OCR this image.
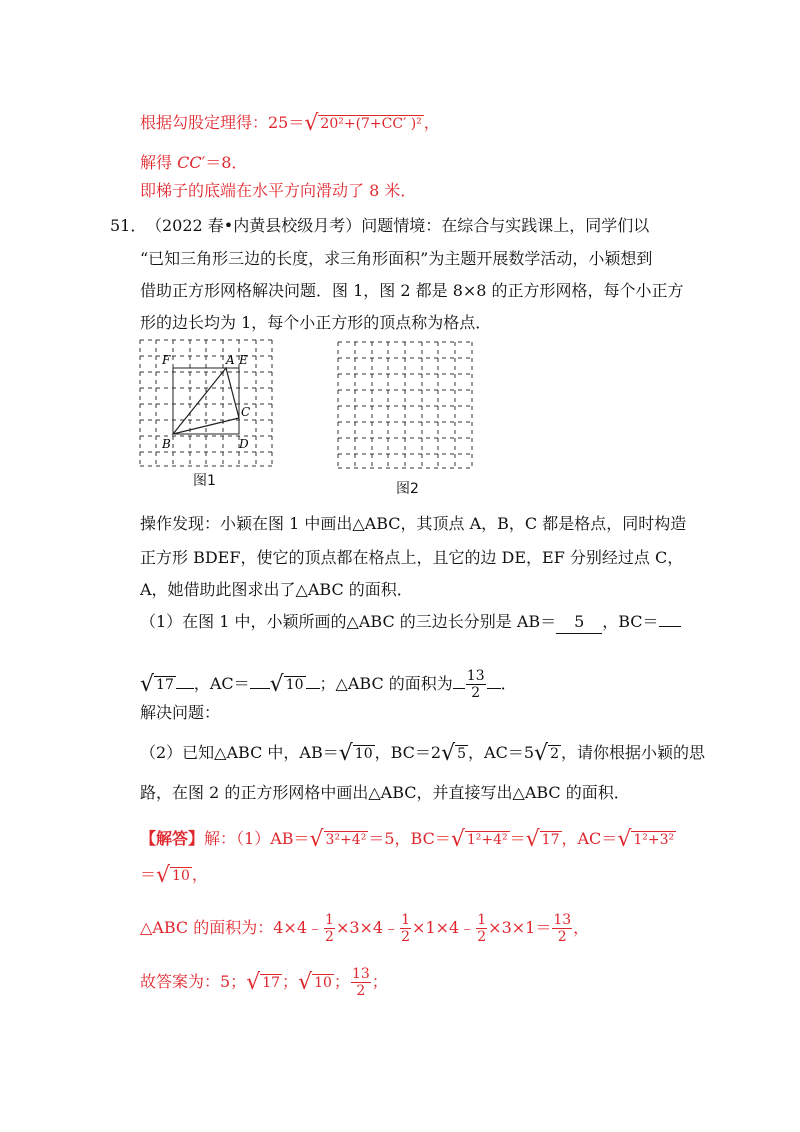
根据勾股定理得：25＝√ 20²+(7+CC′ )² ，
解得 CC′＝8．
即梯子的底端在水平方向滑动了 8 米．
51． （2022 春•内黄县校级月考）问题情境：在综合与实践课上，同学们以
“已知三角形三边的长度，求三角形面积”为主题开展数学活动，小颖想到
借助正方形网格解决问题．图 1，图 2 都是 8×8 的正方形网格，每个小正方
形的边长均为 1，每个小正方形的顶点称为格点．
F	A E
C
B	D
图1	图2
操作发现：小颖在图 1 中画出△ABC，其顶点 A，B，C 都是格点，同时构造
正方形 BDEF，使它的顶点都在格点上，且它的边 DE，EF 分别经过点 C，
A，她借助此图求出了△ABC 的面积．
（1）在图 1 中，小颖所画的△ABC 的三边长分别是 AB＝ 5 ，BC＝
√ 17 ，AC＝ √ 10 ；△ABC 的面积为 $\frac{13}{2}$ ．
解决问题：
（2）已知△ABC 中，AB＝√ 10 ，BC＝2√ 5 ，AC＝5√ 2 ，请你根据小颖的思
路，在图 2 的正方形网格中画出△ABC，并直接写出△ABC 的面积．
【解答】解：（1）AB＝√ 3²+4² ＝5，BC＝√ 1²+4² ＝√ 17 ，AC＝√ 1²+3²
＝√ 10 ，
△ABC 的面积为：4×4﹣ $\frac{1}{2}$ ×3×4﹣ $\frac{1}{2}$ ×1×4﹣ $\frac{1}{2} \times 3\times 1= \frac{13}{2}$ ，
故答案为：5；√ 17 ；√ 10 ； $\frac{13}{2}$ ；
